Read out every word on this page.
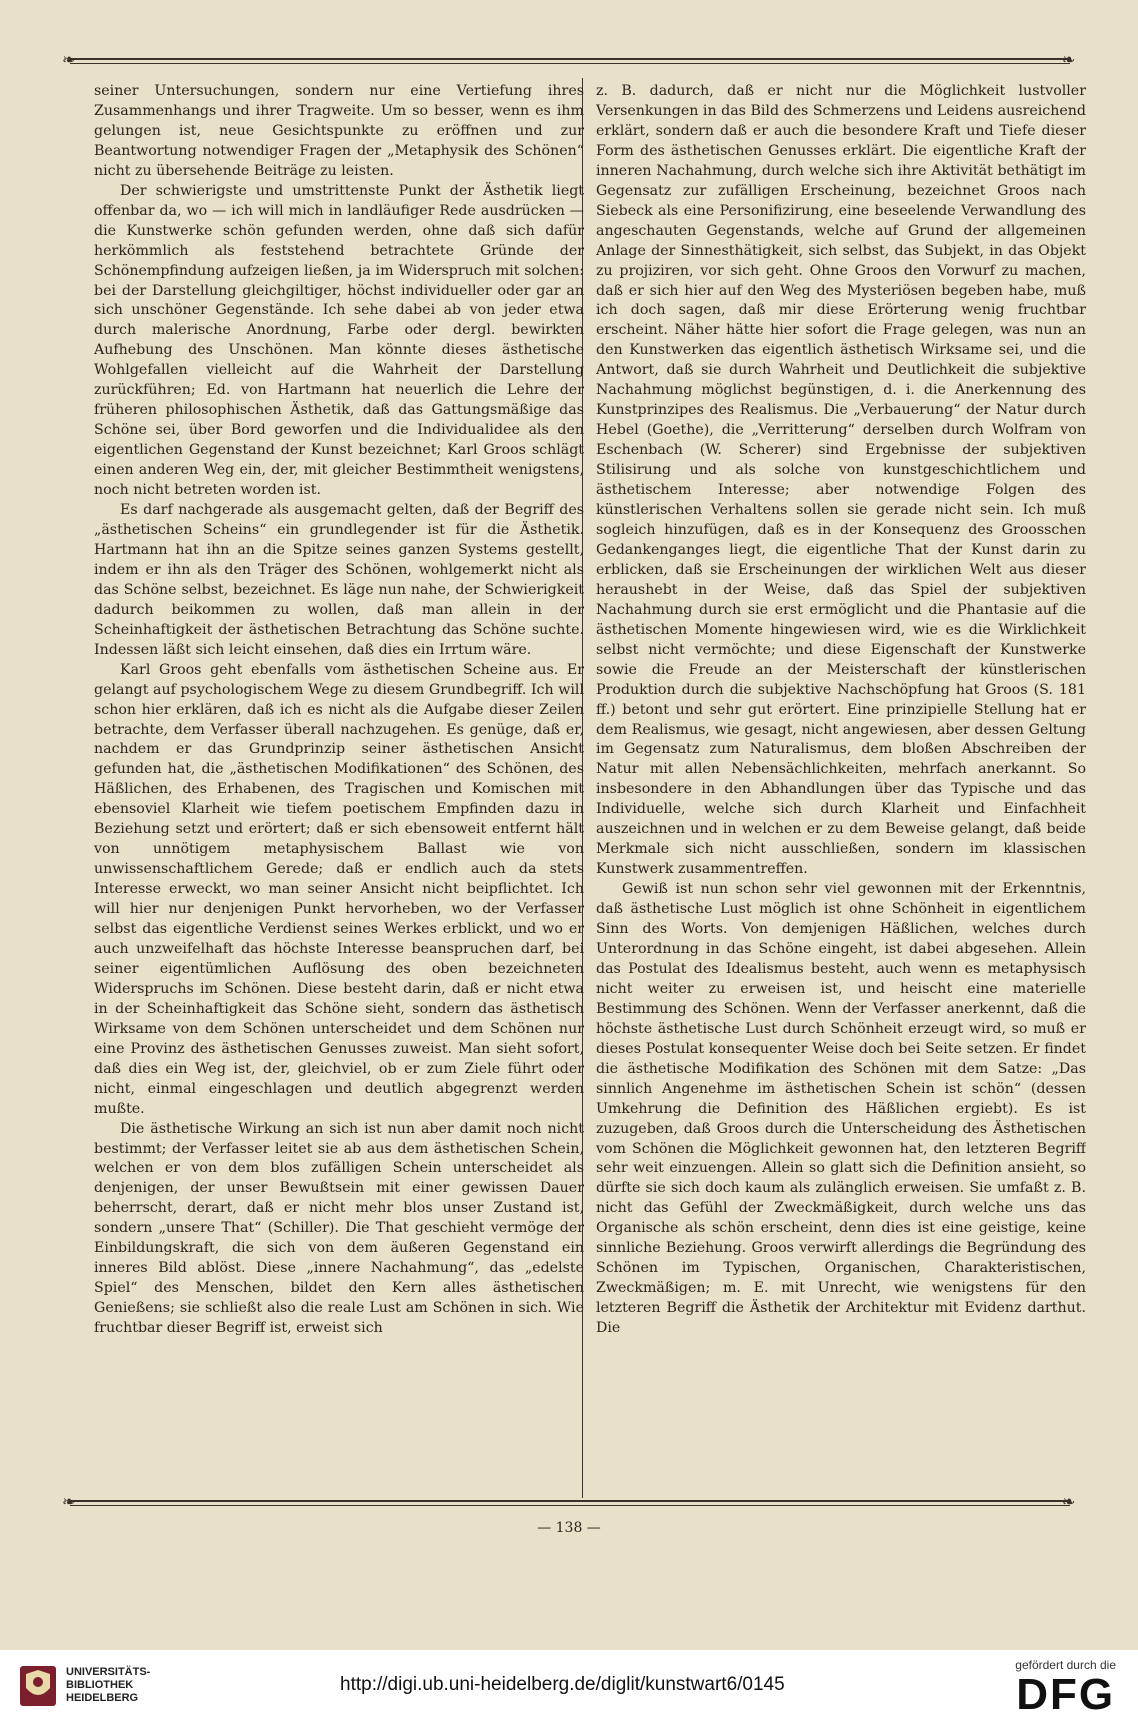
❧	❧
❧	❧

seiner Untersuchungen, sondern nur eine Vertiefung ihres Zusammenhangs und ihrer Tragweite. Um so besser, wenn es ihm gelungen ist, neue Gesichtspunkte zu eröffnen und zur Beantwortung notwendiger Fragen der „Metaphysik des Schönen“ nicht zu übersehende Beiträge zu leisten.

Der schwierigste und umstrittenste Punkt der Ästhetik liegt offenbar da, wo — ich will mich in landläufiger Rede ausdrücken — die Kunstwerke schön gefunden werden, ohne daß sich dafür herkömmlich als feststehend betrachtete Gründe der Schönempfindung aufzeigen ließen, ja im Widerspruch mit solchen: bei der Darstellung gleichgiltiger, höchst individueller oder gar an sich unschöner Gegenstände. Ich sehe dabei ab von jeder etwa durch malerische Anordnung, Farbe oder dergl. bewirkten Aufhebung des Unschönen. Man könnte dieses ästhetische Wohlgefallen vielleicht auf die Wahrheit der Darstellung zurückführen; Ed. von Hartmann hat neuerlich die Lehre der früheren philosophischen Ästhetik, daß das Gattungsmäßige das Schöne sei, über Bord geworfen und die Individualidee als den eigentlichen Gegenstand der Kunst bezeichnet; Karl Groos schlägt einen anderen Weg ein, der, mit gleicher Bestimmtheit wenigstens, noch nicht betreten worden ist.

Es darf nachgerade als ausgemacht gelten, daß der Begriff des „ästhetischen Scheins“ ein grundlegender ist für die Ästhetik. Hartmann hat ihn an die Spitze seines ganzen Systems gestellt, indem er ihn als den Träger des Schönen, wohlgemerkt nicht als das Schöne selbst, bezeichnet. Es läge nun nahe, der Schwierigkeit dadurch beikommen zu wollen, daß man allein in der Scheinhaftigkeit der ästhetischen Betrachtung das Schöne suchte. Indessen läßt sich leicht einsehen, daß dies ein Irrtum wäre.

Karl Groos geht ebenfalls vom ästhetischen Scheine aus. Er gelangt auf psychologischem Wege zu diesem Grundbegriff. Ich will schon hier erklären, daß ich es nicht als die Aufgabe dieser Zeilen betrachte, dem Verfasser überall nachzugehen. Es genüge, daß er, nachdem er das Grundprinzip seiner ästhetischen Ansicht gefunden hat, die „ästhetischen Modifikationen“ des Schönen, des Häßlichen, des Erhabenen, des Tragischen und Komischen mit ebensoviel Klarheit wie tiefem poetischem Empfinden dazu in Beziehung setzt und erörtert; daß er sich ebensoweit entfernt hält von unnötigem metaphysischem Ballast wie von unwissenschaftlichem Gerede; daß er endlich auch da stets Interesse erweckt, wo man seiner Ansicht nicht beipflichtet. Ich will hier nur denjenigen Punkt hervorheben, wo der Verfasser selbst das eigentliche Verdienst seines Werkes erblickt, und wo er auch unzweifelhaft das höchste Interesse beanspruchen darf, bei seiner eigentümlichen Auflösung des oben bezeichneten Widerspruchs im Schönen. Diese besteht darin, daß er nicht etwa in der Scheinhaftigkeit das Schöne sieht, sondern das ästhetisch Wirksame von dem Schönen unterscheidet und dem Schönen nur eine Provinz des ästhetischen Genusses zuweist. Man sieht sofort, daß dies ein Weg ist, der, gleichviel, ob er zum Ziele führt oder nicht, einmal eingeschlagen und deutlich abgegrenzt werden mußte.

Die ästhetische Wirkung an sich ist nun aber damit noch nicht bestimmt; der Verfasser leitet sie ab aus dem ästhetischen Schein, welchen er von dem blos zufälligen Schein unterscheidet als denjenigen, der unser Bewußtsein mit einer gewissen Dauer beherrscht, derart, daß er nicht mehr blos unser Zustand ist, sondern „unsere That“ (Schiller). Die That geschieht vermöge der Einbildungskraft, die sich von dem äußeren Gegenstand ein inneres Bild ablöst. Diese „innere Nachahmung“, das „edelste Spiel“ des Menschen, bildet den Kern alles ästhetischen Genießens; sie schließt also die reale Lust am Schönen in sich. Wie fruchtbar dieser Begriff ist, erweist sich

z. B. dadurch, daß er nicht nur die Möglichkeit lustvoller Versenkungen in das Bild des Schmerzens und Leidens ausreichend erklärt, sondern daß er auch die besondere Kraft und Tiefe dieser Form des ästhetischen Genusses erklärt. Die eigentliche Kraft der inneren Nachahmung, durch welche sich ihre Aktivität bethätigt im Gegensatz zur zufälligen Erscheinung, bezeichnet Groos nach Siebeck als eine Personifizirung, eine beseelende Verwandlung des angeschauten Gegenstands, welche auf Grund der allgemeinen Anlage der Sinnesthätigkeit, sich selbst, das Subjekt, in das Objekt zu projiziren, vor sich geht. Ohne Groos den Vorwurf zu machen, daß er sich hier auf den Weg des Mysteriösen begeben habe, muß ich doch sagen, daß mir diese Erörterung wenig fruchtbar erscheint. Näher hätte hier sofort die Frage gelegen, was nun an den Kunstwerken das eigentlich ästhetisch Wirksame sei, und die Antwort, daß sie durch Wahrheit und Deutlichkeit die subjektive Nachahmung möglichst begünstigen, d. i. die Anerkennung des Kunstprinzipes des Realismus. Die „Verbauerung“ der Natur durch Hebel (Goethe), die „Verritterung“ derselben durch Wolfram von Eschenbach (W. Scherer) sind Ergebnisse der subjektiven Stilisirung und als solche von kunstgeschichtlichem und ästhetischem Interesse; aber notwendige Folgen des künstlerischen Verhaltens sollen sie gerade nicht sein. Ich muß sogleich hinzufügen, daß es in der Konsequenz des Groosschen Gedankenganges liegt, die eigentliche That der Kunst darin zu erblicken, daß sie Erscheinungen der wirklichen Welt aus dieser heraushebt in der Weise, daß das Spiel der subjektiven Nachahmung durch sie erst ermöglicht und die Phantasie auf die ästhetischen Momente hingewiesen wird, wie es die Wirklichkeit selbst nicht vermöchte; und diese Eigenschaft der Kunstwerke sowie die Freude an der Meisterschaft der künstlerischen Produktion durch die subjektive Nachschöpfung hat Groos (S. 181 ff.) betont und sehr gut erörtert. Eine prinzipielle Stellung hat er dem Realismus, wie gesagt, nicht angewiesen, aber dessen Geltung im Gegensatz zum Naturalismus, dem bloßen Abschreiben der Natur mit allen Nebensächlichkeiten, mehrfach anerkannt. So insbesondere in den Abhandlungen über das Typische und das Individuelle, welche sich durch Klarheit und Einfachheit auszeichnen und in welchen er zu dem Beweise gelangt, daß beide Merkmale sich nicht ausschließen, sondern im klassischen Kunstwerk zusammentreffen.

Gewiß ist nun schon sehr viel gewonnen mit der Erkenntnis, daß ästhetische Lust möglich ist ohne Schönheit in eigentlichem Sinn des Worts. Von demjenigen Häßlichen, welches durch Unterordnung in das Schöne eingeht, ist dabei abgesehen. Allein das Postulat des Idealismus besteht, auch wenn es metaphysisch nicht weiter zu erweisen ist, und heischt eine materielle Bestimmung des Schönen. Wenn der Verfasser anerkennt, daß die höchste ästhetische Lust durch Schönheit erzeugt wird, so muß er dieses Postulat konsequenter Weise doch bei Seite setzen. Er findet die ästhetische Modifikation des Schönen mit dem Satze: „Das sinnlich Angenehme im ästhetischen Schein ist schön“ (dessen Umkehrung die Definition des Häßlichen ergiebt). Es ist zuzugeben, daß Groos durch die Unterscheidung des Ästhetischen vom Schönen die Möglichkeit gewonnen hat, den letzteren Begriff sehr weit einzuengen. Allein so glatt sich die Definition ansieht, so dürfte sie sich doch kaum als zulänglich erweisen. Sie umfaßt z. B. nicht das Gefühl der Zweckmäßigkeit, durch welche uns das Organische als schön erscheint, denn dies ist eine geistige, keine sinnliche Beziehung. Groos verwirft allerdings die Begründung des Schönen im Typischen, Organischen, Charakteristischen, Zweckmäßigen; m. E. mit Unrecht, wie wenigstens für den letzteren Begriff die Ästhetik der Architektur mit Evidenz darthut. Die

— 138 —
UNIVERSITÄTS-
BIBLIOTHEK
HEIDELBERG
http://digi.ub.uni-heidelberg.de/diglit/kunstwart6/0145
gefördert durch die
DFG
